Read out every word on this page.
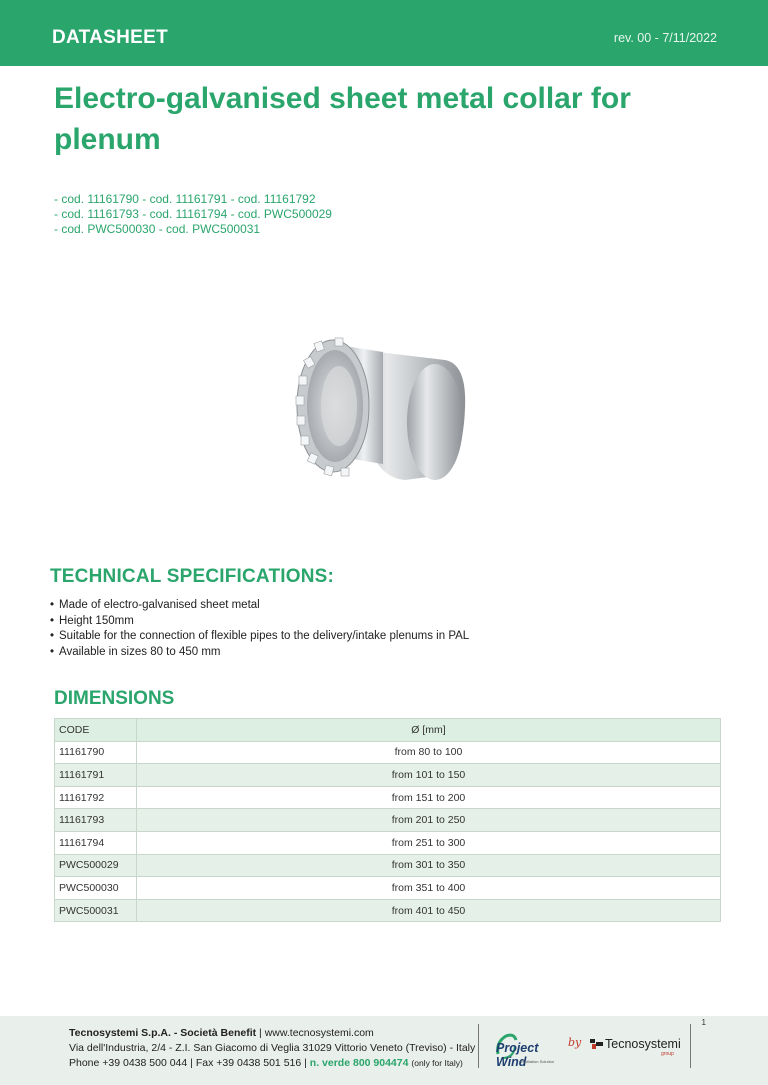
DATASHEET	rev. 00 - 7/11/2022
Electro-galvanised sheet metal collar for plenum
- cod. 11161790 - cod. 11161791 - cod. 11161792
- cod. 11161793 - cod. 11161794 - cod. PWC500029
- cod. PWC500030 - cod. PWC500031
TECHNICAL SPECIFICATIONS:
• Made of electro-galvanised sheet metal
• Height 150mm
• Suitable for the connection of flexible pipes to the delivery/intake plenums in PAL
• Available in sizes 80 to 450 mm
DIMENSIONS
CODE	Ø [mm]
11161790	from 80 to 100
11161791	from 101 to 150
11161792	from 151 to 200
11161793	from 201 to 250
11161794	from 251 to 300
PWC500029	from 301 to 350
PWC500030	from 351 to 400
PWC500031	from 401 to 450
Tecnosystemi S.p.A. - Società Benefit | www.tecnosystemi.com
Via dell'Industria, 2/4 - Z.I. San Giacomo di Veglia 31029 Vittorio Veneto (Treviso) - Italy
Phone +39 0438 500 044 | Fax +39 0438 501 516 | n. verde 800 904474 (only for Italy)
Project Wind
Ventilation Solution
by	Tecnosystemi
group
1
